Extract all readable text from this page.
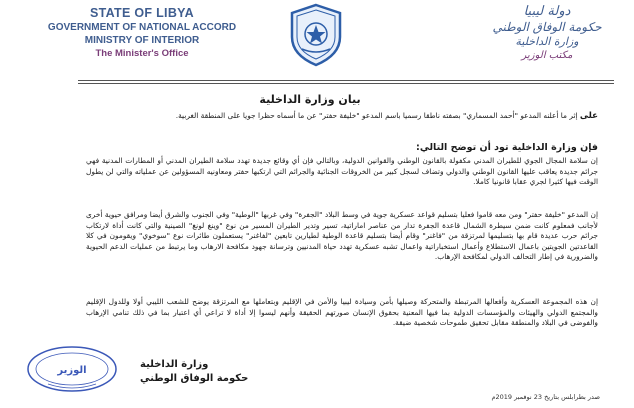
STATE OF LIBYA
GOVERNMENT OF NATIONAL ACCORD
MINISTRY OF INTERIOR
The Minister's Office
دولة ليبيا
حكومة الوفاق الوطني
وزارة الداخلية
مكتب الوزير
بيان وزارة الداخلية

على إثر ما أعلنه المدعو "أحمد المسماري" بصفته ناطقا رسميا باسم المدعو "خليفة حفتر" عن ما أسماه حظرا جويا على المنطقة الغربية.

فإن وزارة الداخلية تود أن توضح التالي:

إن سلامة المجال الجوي للطيران المدني مكفولة بالقانون الوطني والقوانين الدولية، وبالتالي فإن أي وقائع جديدة تهدد سلامة الطيران المدني أو المطارات المدنية فهي جرائم جديدة يعاقب عليها القانون الوطني والدولي وتضاف لسجل كبير من الخروقات الجنائية والجرائم التي ارتكبها حفتر ومعاونيه المسؤولين عن عملياته والتي لن يطول الوقت فيها كثيرا لجري عقابا قانونيا كاملا.

إن المدعو "خليفة حفتر" ومن معه قاموا فعليا بتسليم قواعد عسكرية جوية في وسط البلاد "الجفرة" وفي غربها "الوطية" وفي الجنوب والشرق أيضا ومرافق حيوية أخرى لأجانب فمعلوم كانت ضمن سيطرة الشمال قاعدة الجفرة تدار من عناصر اماراتية، تسير وتدير الطيران المسير من نوع "وينغ لونغ" الصينية والتي كانت أداة لارتكاب جرائم حرب عديدة قام بها بتسليمها لمرتزقة من "فاغنر" وقام أيضا بتسليم قاعدة الوطية لطيارين تابعين "لفاغنر" يستعملون طائرات نوع "سوخوي" ويقومون في كلا القاعدتين الجويتين باعمال الاستطلاع وأعمال استخباراتية واعمال تشبه عسكرية تهدد حياة المدنيين وترسانة جهود مكافحة الارهاب وما يرتبط من عمليات الدعم الحيوية والضرورية في إطار التحالف الدولي لمكافحة الإرهاب.

إن هذه المجموعة العسكرية وأفعالها المرتبطة والمتحركة وصيلها بأمن وسيادة ليبيا والأمن في الإقليم وبتعاملها مع المرتزقة يوضح للشعب الليبي أولا وللدول الإقليم والمجتمع الدولي والهيئات والمؤسسات الدولية بما فيها المعنية بحقوق الإنسان صورتهم الحقيقة وأنهم ليسوا إلا أداة لا تراعي أي اعتبار بما في ذلك تنامي الإرهاب والفوضى في البلاد والمنطقة مقابل تحقيق طموحات شخصية ضيقة.

الوزير
وزارة الداخلية
حكومة الوفاق الوطني
صدر بطرابلس بتاريخ 23 نوفمبر 2019م
